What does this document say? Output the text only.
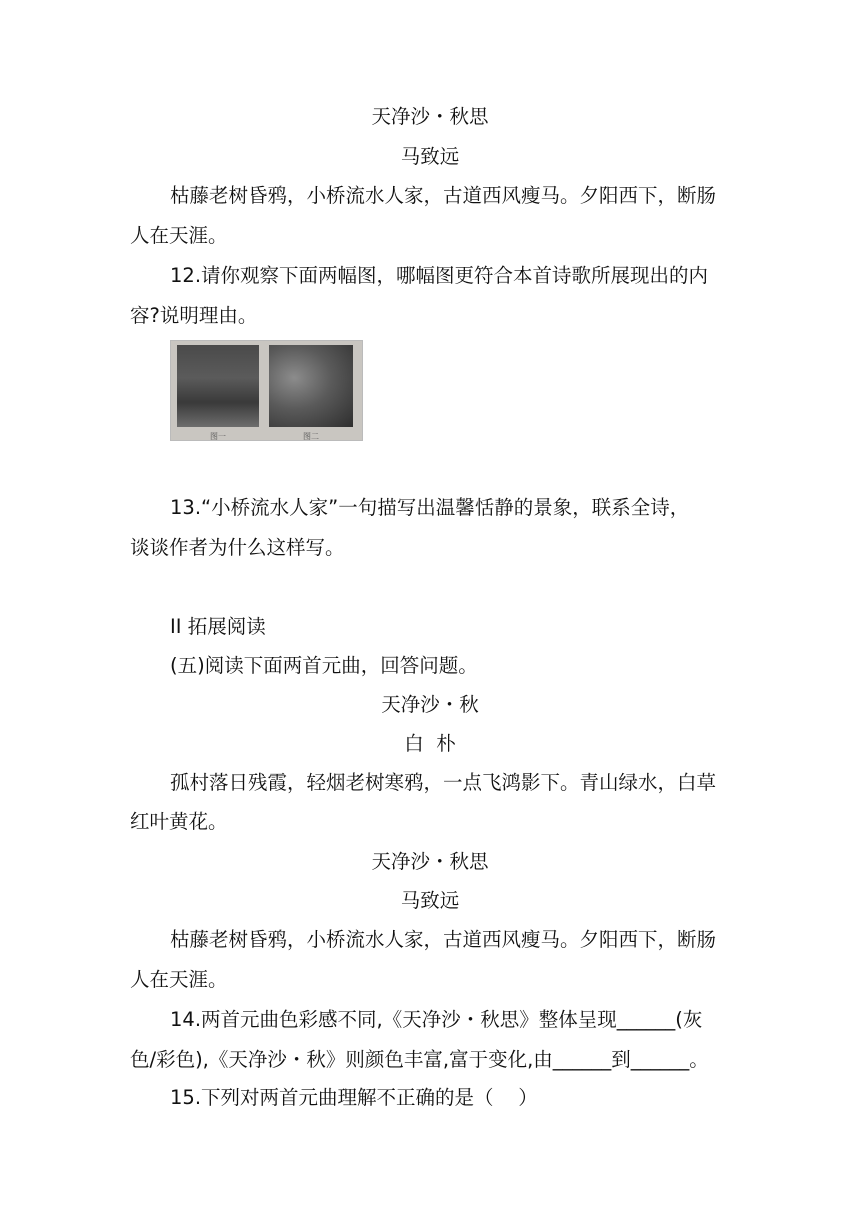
天净沙・秋思
马致远
枯藤老树昏鸦，小桥流水人家，古道西风瘦马。夕阳西下，断肠
人在天涯。
12.请你观察下面两幅图，哪幅图更符合本首诗歌所展现出的内
容?说明理由。
图一	图二
13.“小桥流水人家”一句描写出温馨恬静的景象，联系全诗，
谈谈作者为什么这样写。
II 拓展阅读
(五)阅读下面两首元曲，回答问题。
天净沙・秋
白  朴
孤村落日残霞，轻烟老树寒鸦，一点飞鸿影下。青山绿水，白草
红叶黄花。
天净沙・秋思
马致远
枯藤老树昏鸦，小桥流水人家，古道西风瘦马。夕阳西下，断肠
人在天涯。
14.两首元曲色彩感不同,《天净沙・秋思》整体呈现______(灰
色/彩色),《天净沙・秋》则颜色丰富,富于变化,由______到______。
15.下列对两首元曲理解不正确的是（    ）
